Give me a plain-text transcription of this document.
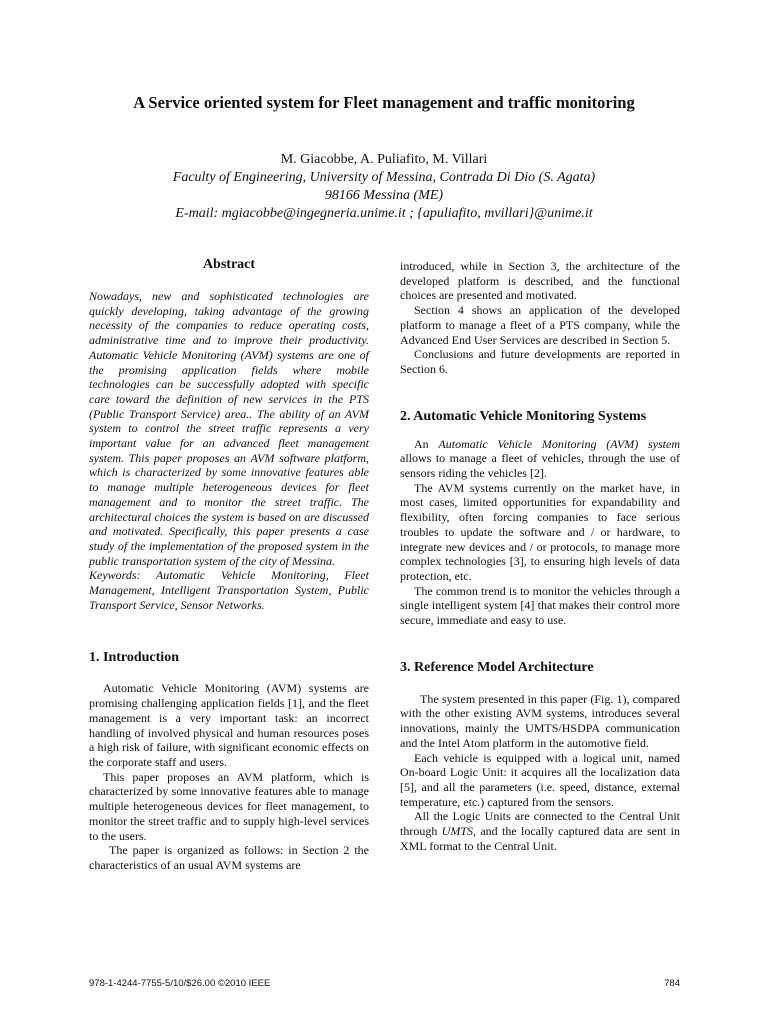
A Service oriented system for Fleet management and traffic monitoring
M. Giacobbe, A. Puliafito, M. Villari
Faculty of Engineering, University of Messina, Contrada Di Dio (S. Agata)
98166 Messina (ME)
E-mail: mgiacobbe@ingegneria.unime.it ; {apuliafito, mvillari}@unime.it
Abstract

Nowadays, new and sophisticated technologies are quickly developing, taking advantage of the growing necessity of the companies to reduce operating costs, administrative time and to improve their productivity. Automatic Vehicle Monitoring (AVM) systems are one of the promising application fields where mobile technologies can be successfully adopted with specific care toward the definition of new services in the PTS (Public Transport Service) area.. The ability of an AVM system to control the street traffic represents a very important value for an advanced fleet management system. This paper proposes an AVM software platform, which is characterized by some innovative features able to manage multiple heterogeneous devices for fleet management and to monitor the street traffic. The architectural choices the system is based on are discussed and motivated. Specifically, this paper presents a case study of the implementation of the proposed system in the public transportation system of the city of Messina.

Keywords: Automatic Vehicle Monitoring, Fleet Management, Intelligent Transportation System, Public Transport Service, Sensor Networks.

1. Introduction

Automatic Vehicle Monitoring (AVM) systems are promising challenging application fields [1], and the fleet management is a very important task: an incorrect handling of involved physical and human resources poses a high risk of failure, with significant economic effects on the corporate staff and users.

This paper proposes an AVM platform, which is characterized by some innovative features able to manage multiple heterogeneous devices for fleet management, to monitor the street traffic and to supply high-level services to the users.

The paper is organized as follows: in Section 2 the characteristics of an usual AVM systems are

introduced, while in Section 3, the architecture of the developed platform is described, and the functional choices are presented and motivated.

Section 4 shows an application of the developed platform to manage a fleet of a PTS company, while the Advanced End User Services are described in Section 5.

Conclusions and future developments are reported in Section 6.

2. Automatic Vehicle Monitoring Systems

An Automatic Vehicle Monitoring (AVM) system allows to manage a fleet of vehicles, through the use of sensors riding the vehicles [2].

The AVM systems currently on the market have, in most cases, limited opportunities for expandability and flexibility, often forcing companies to face serious troubles to update the software and / or hardware, to integrate new devices and / or protocols, to manage more complex technologies [3], to ensuring high levels of data protection, etc.

The common trend is to monitor the vehicles through a single intelligent system [4] that makes their control more secure, immediate and easy to use.

3. Reference Model Architecture

The system presented in this paper (Fig. 1), compared with the other existing AVM systems, introduces several innovations, mainly the UMTS/HSDPA communication and the Intel Atom platform in the automotive field.

Each vehicle is equipped with a logical unit, named On-board Logic Unit: it acquires all the localization data [5], and all the parameters (i.e. speed, distance, external temperature, etc.) captured from the sensors.

All the Logic Units are connected to the Central Unit through UMTS, and the locally captured data are sent in XML format to the Central Unit.

978-1-4244-7755-5/10/$26.00 ©2010 IEEE	784
